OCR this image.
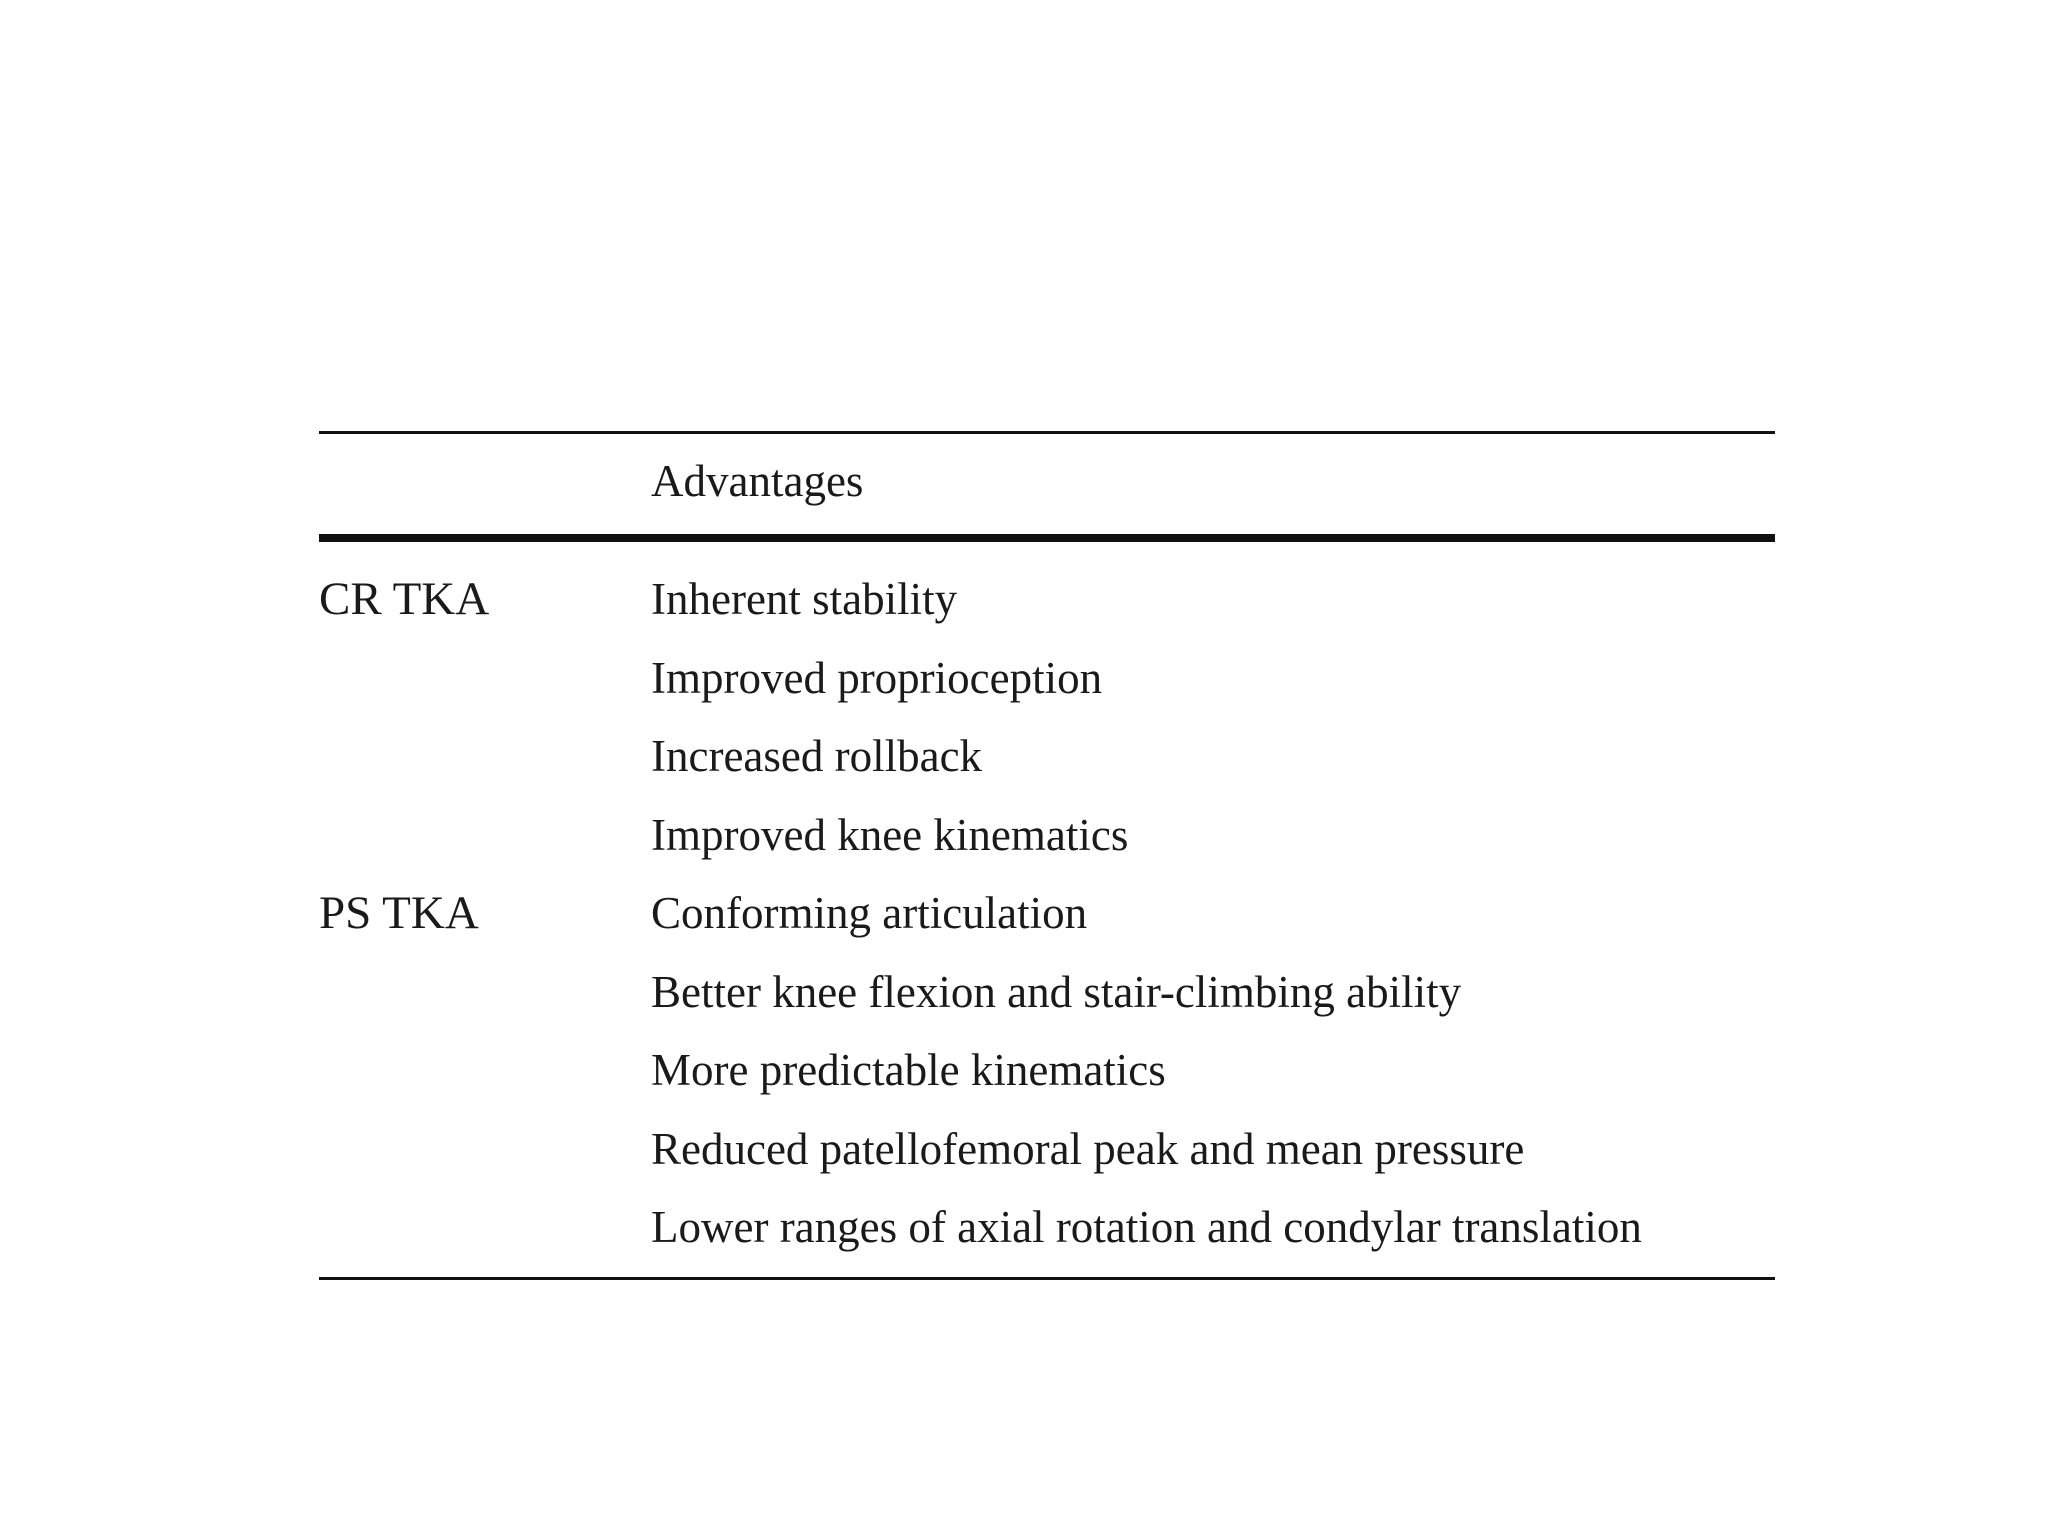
Advantages
CR TKA	Inherent stability
Improved proprioception
Increased rollback
Improved knee kinematics
PS TKA	Conforming articulation
Better knee flexion and stair-climbing ability
More predictable kinematics
Reduced patellofemoral peak and mean pressure
Lower ranges of axial rotation and condylar translation
